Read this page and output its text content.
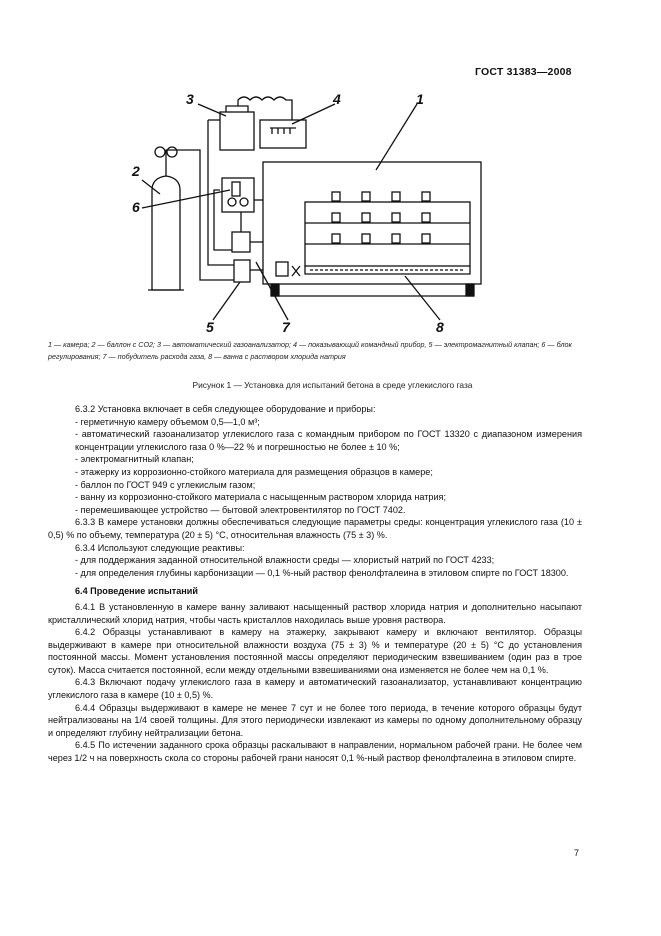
ГОСТ 31383—2008
3	4	1
2
6
5	7	8
1 — камера; 2 — баллон с CO2; 3 — автоматический газоанализатор; 4 — показывающий командный прибор, 5 — электромагнитный клапан; 6 — блок регулирования; 7 — побудитель расхода газа, 8 — ванна с раствором хлорида натрия
Рисунок 1 — Установка для испытаний бетона в среде углекислого газа

6.3.2 Установка включает в себя следующее оборудование и приборы:

- герметичную камеру объемом 0,5—1,0 м³;

- автоматический газоанализатор углекислого газа с командным прибором по ГОСТ 13320 с диапазоном измерения концентрации углекислого газа 0 %—22 % и погрешностью не более ± 10 %;

- электромагнитный клапан;

- этажерку из коррозионно-стойкого материала для размещения образцов в камере;

- баллон по ГОСТ 949 с углекислым газом;

- ванну из коррозионно-стойкого материала с насыщенным раствором хлорида натрия;

- перемешивающее устройство — бытовой электровентилятор по ГОСТ 7402.

6.3.3 В камере установки должны обеспечиваться следующие параметры среды: концентрация углекислого газа (10 ± 0,5) % по объему, температура (20 ± 5) °С, относительная влажность (75 ± 3) %.

6.3.4 Используют следующие реактивы:

- для поддержания заданной относительной влажности среды — хлористый натрий по ГОСТ 4233;

- для определения глубины карбонизации — 0,1 %-ный раствор фенолфталеина в этиловом спирте по ГОСТ 18300.

6.4 Проведение испытаний

6.4.1 В установленную в камере ванну заливают насыщенный раствор хлорида натрия и дополнительно насыпают кристаллический хлорид натрия, чтобы часть кристаллов находилась выше уровня раствора.

6.4.2 Образцы устанавливают в камеру на этажерку, закрывают камеру и включают вентилятор. Образцы выдерживают в камере при относительной влажности воздуха (75 ± 3) % и температуре (20 ± 5) °С до установления постоянной массы. Момент установления постоянной массы определяют периодическим взвешиванием (один раз в трое суток). Масса считается постоянной, если между отдельными взвешиваниями она изменяется не более чем на 0,1 %.

6.4.3 Включают подачу углекислого газа в камеру и автоматический газоанализатор, устанавливают концентрацию углекислого газа в камере (10 ± 0,5) %.

6.4.4 Образцы выдерживают в камере не менее 7 сут и не более того периода, в течение которого образцы будут нейтрализованы на 1/4 своей толщины. Для этого периодически извлекают из камеры по одному дополнительному образцу и определяют глубину нейтрализации бетона.

6.4.5 По истечении заданного срока образцы раскалывают в направлении, нормальном рабочей грани. Не более чем через 1/2 ч на поверхность скола со стороны рабочей грани наносят 0,1 %-ный раствор фенолфталеина в этиловом спирте.

7
